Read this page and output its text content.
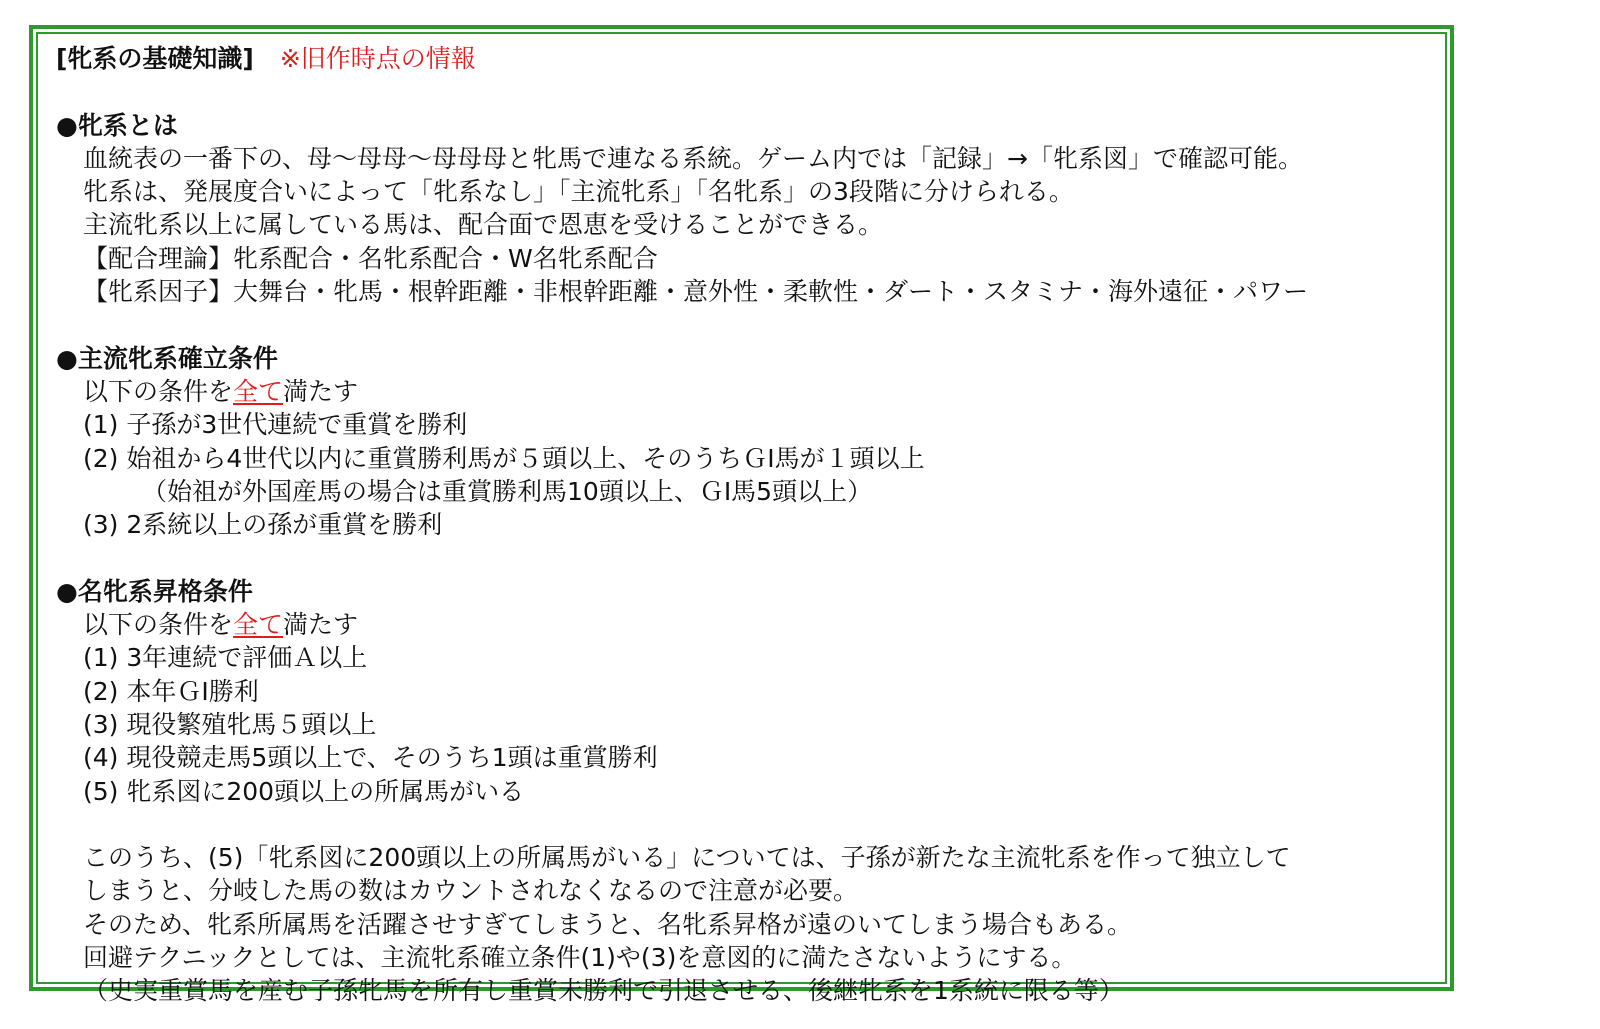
[牝系の基礎知識] ※旧作時点の情報
●牝系とは
血統表の一番下の、母〜母母〜母母母と牝馬で連なる系統。ゲーム内では「記録」→「牝系図」で確認可能。
牝系は、発展度合いによって「牝系なし」「主流牝系」「名牝系」の3段階に分けられる。
主流牝系以上に属している馬は、配合面で恩恵を受けることができる。
【配合理論】牝系配合・名牝系配合・W名牝系配合
【牝系因子】大舞台・牝馬・根幹距離・非根幹距離・意外性・柔軟性・ダート・スタミナ・海外遠征・パワー
●主流牝系確立条件
以下の条件を全て満たす
(1) 子孫が3世代連続で重賞を勝利
(2) 始祖から4世代以内に重賞勝利馬が５頭以上、そのうちＧⅠ馬が１頭以上
（始祖が外国産馬の場合は重賞勝利馬10頭以上、ＧⅠ馬5頭以上）
(3) 2系統以上の孫が重賞を勝利
●名牝系昇格条件
以下の条件を全て満たす
(1) 3年連続で評価Ａ以上
(2) 本年ＧⅠ勝利
(3) 現役繁殖牝馬５頭以上
(4) 現役競走馬5頭以上で、そのうち1頭は重賞勝利
(5) 牝系図に200頭以上の所属馬がいる
このうち、(5)「牝系図に200頭以上の所属馬がいる」については、子孫が新たな主流牝系を作って独立して
しまうと、分岐した馬の数はカウントされなくなるので注意が必要。
そのため、牝系所属馬を活躍させすぎてしまうと、名牝系昇格が遠のいてしまう場合もある。
回避テクニックとしては、主流牝系確立条件(1)や(3)を意図的に満たさないようにする。
（史実重賞馬を産む子孫牝馬を所有し重賞未勝利で引退させる、後継牝系を1系統に限る等）
